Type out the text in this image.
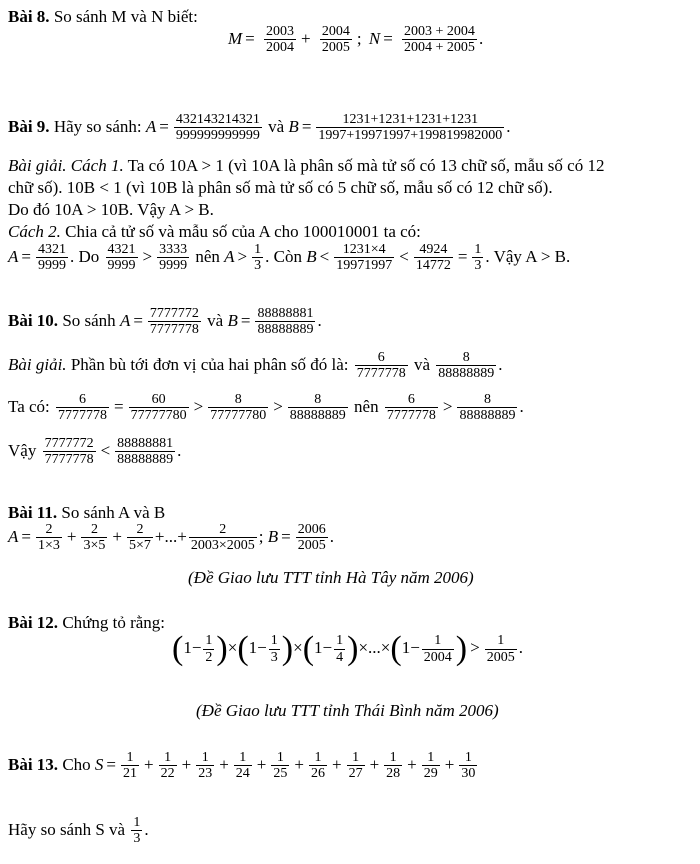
Bài 8. So sánh M và N biết:
$M = \frac{2003}{2004} + \frac{2004}{2005}$ ; $N = \frac{2003 + 2004}{2004 + 2005}$ .
Bài 9. Hãy so sánh: $A = \frac{432143214321}{999999999999}$ và $B = \frac{1231+1231+1231+1231}{1997+19971997+199819982000}$ .
Bài giải. Cách 1. Ta có 10A > 1 (vì 10A là phân số mà tử số có 13 chữ số, mẫu số có 12
chữ số). 10B < 1 (vì 10B là phân số mà tử số có 5 chữ số, mẫu số có 12 chữ số).
Do đó 10A > 10B. Vậy A > B.
Cách 2. Chia cả tử số và mẫu số của A cho 100010001 ta có:
$A = \frac{4321}{9999}$ . Do $\frac{4321}{9999} > \frac{3333}{9999}$ nên $A > \frac{1}{3}$ . Còn $B < \frac{1231\times 4}{19971997} < \frac{4924}{14772} = \frac{1}{3}$ . Vậy A > B.
Bài 10. So sánh $A = \frac{7777772}{7777778}$ và $B = \frac{88888881}{88888889}$ .
Bài giải. Phần bù tới đơn vị của hai phân số đó là: $\frac{6}{7777778}$ và $\frac{8}{88888889}$ .
Ta có: $\frac{6}{7777778} = \frac{60}{77777780} > \frac{8}{77777780} > \frac{8}{88888889}$ nên $\frac{6}{7777778} > \frac{8}{88888889}$ .
Vậy $\frac{7777772}{7777778} < \frac{88888881}{88888889}$ .
Bài 11. So sánh A và B
$A = \frac{2}{1\times 3} + \frac{2}{3\times 5} + \frac{2}{5\times 7}$ +...+ $\frac{2}{2003\times 2005}$ ; $B = \frac{2006}{2005}$ .
(Đề Giao lưu TTT tỉnh Hà Tây năm 2006)
Bài 12. Chứng tỏ rằng:
$(1- \frac{1}{2} )\times(1- \frac{1}{3} )\times(1- \frac{1}{4} )\times...\times(1- \frac{1}{2004}$ ) > $\frac{1}{2005}$ .
(Đề Giao lưu TTT tỉnh Thái Bình năm 2006)
Bài 13. Cho $S = \frac{1}{21} + \frac{1}{22} + \frac{1}{23} + \frac{1}{24} + \frac{1}{25} + \frac{1}{26} + \frac{1}{27} + \frac{1}{28} + \frac{1}{29} + \frac{1}{30}$
Hãy so sánh S và $\frac{1}{3}$ .
